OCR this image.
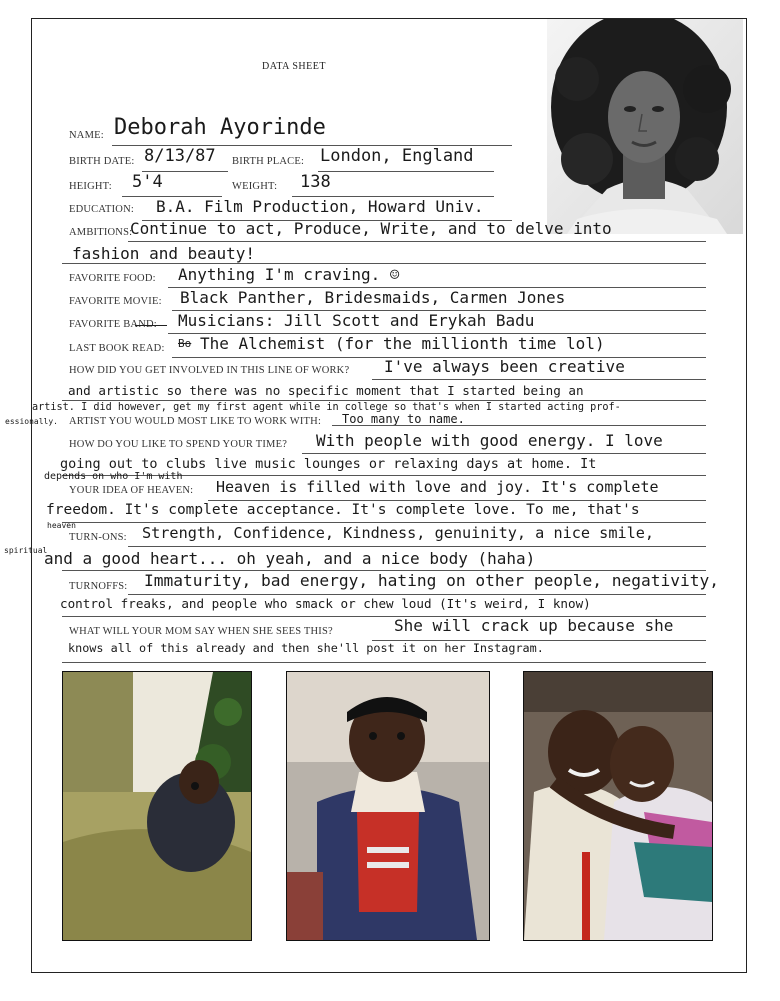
DATA SHEET
NAME: Deborah Ayorinde
BIRTH DATE: 8/13/87 BIRTH PLACE: London, England
HEIGHT: 5'4	WEIGHT: 138
EDUCATION: B.A. Film Production, Howard Univ.
AMBITIONS:
Continue to act, Produce, Write, and to delve into
fashion and beauty!
FAVORITE FOOD: Anything I'm craving. ☺
FAVORITE MOVIE: Black Panther, Bridesmaids, Carmen Jones
FAVORITE BAND: Musicians: Jill Scott and Erykah Badu
LAST BOOK READ: Bo The Alchemist (for the millionth time lol)
HOW DID YOU GET INVOLVED IN THIS LINE OF WORK? I've always been creative
and artistic so there was no specific moment that I started being an
artist. I did however, get my first agent while in college so that's when I started acting prof-
essionally. ARTIST YOU WOULD MOST LIKE TO WORK WITH: Too many to name.
HOW DO YOU LIKE TO SPEND YOUR TIME? With people with good energy. I love
going out to clubs live music lounges or relaxing days at home. It
depends on who I'm with
YOUR IDEA OF HEAVEN: Heaven is filled with love and joy. It's complete
freedom. It's complete acceptance. It's complete love. To me, that's
heaven
TURN-ONS: Strength, Confidence, Kindness, genuinity, a nice smile,
and a good heart... oh yeah, and a nice body (haha)
spiritual
TURNOFFS: Immaturity, bad energy, hating on other people, negativity,
control freaks, and people who smack or chew loud (It's weird, I know)
WHAT WILL YOUR MOM SAY WHEN SHE SEES THIS?	She will crack up because she
knows all of this already and then she'll post it on her Instagram.
